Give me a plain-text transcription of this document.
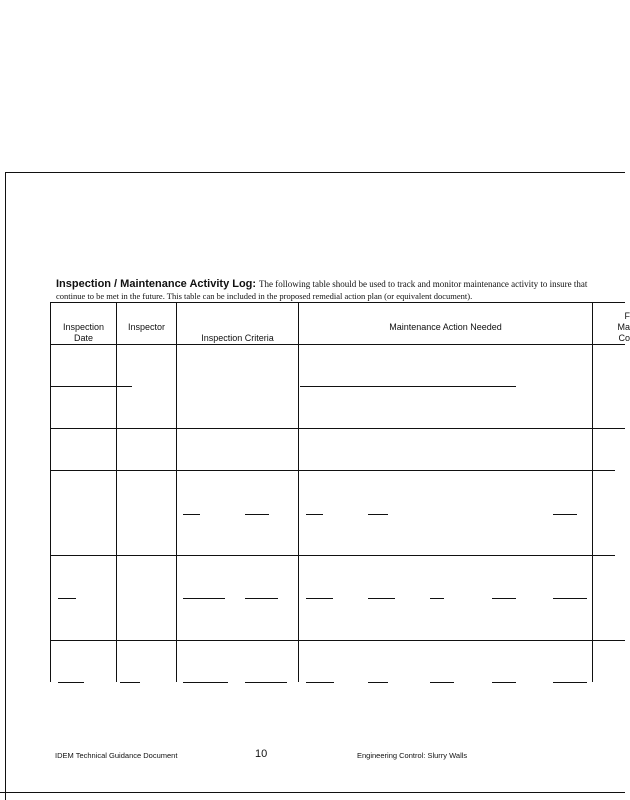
Inspection / Maintenance Activity Log: The following table should be used to track and monitor maintenance activity to insure that
continue to be met in the future. This table can be included in the proposed remedial action plan (or equivalent document).
Inspection
Date
Inspector
Inspection Criteria
Maintenance Action Needed
F
Ma
Co
IDEM Technical Guidance Document	10	Engineering Control: Slurry Walls
